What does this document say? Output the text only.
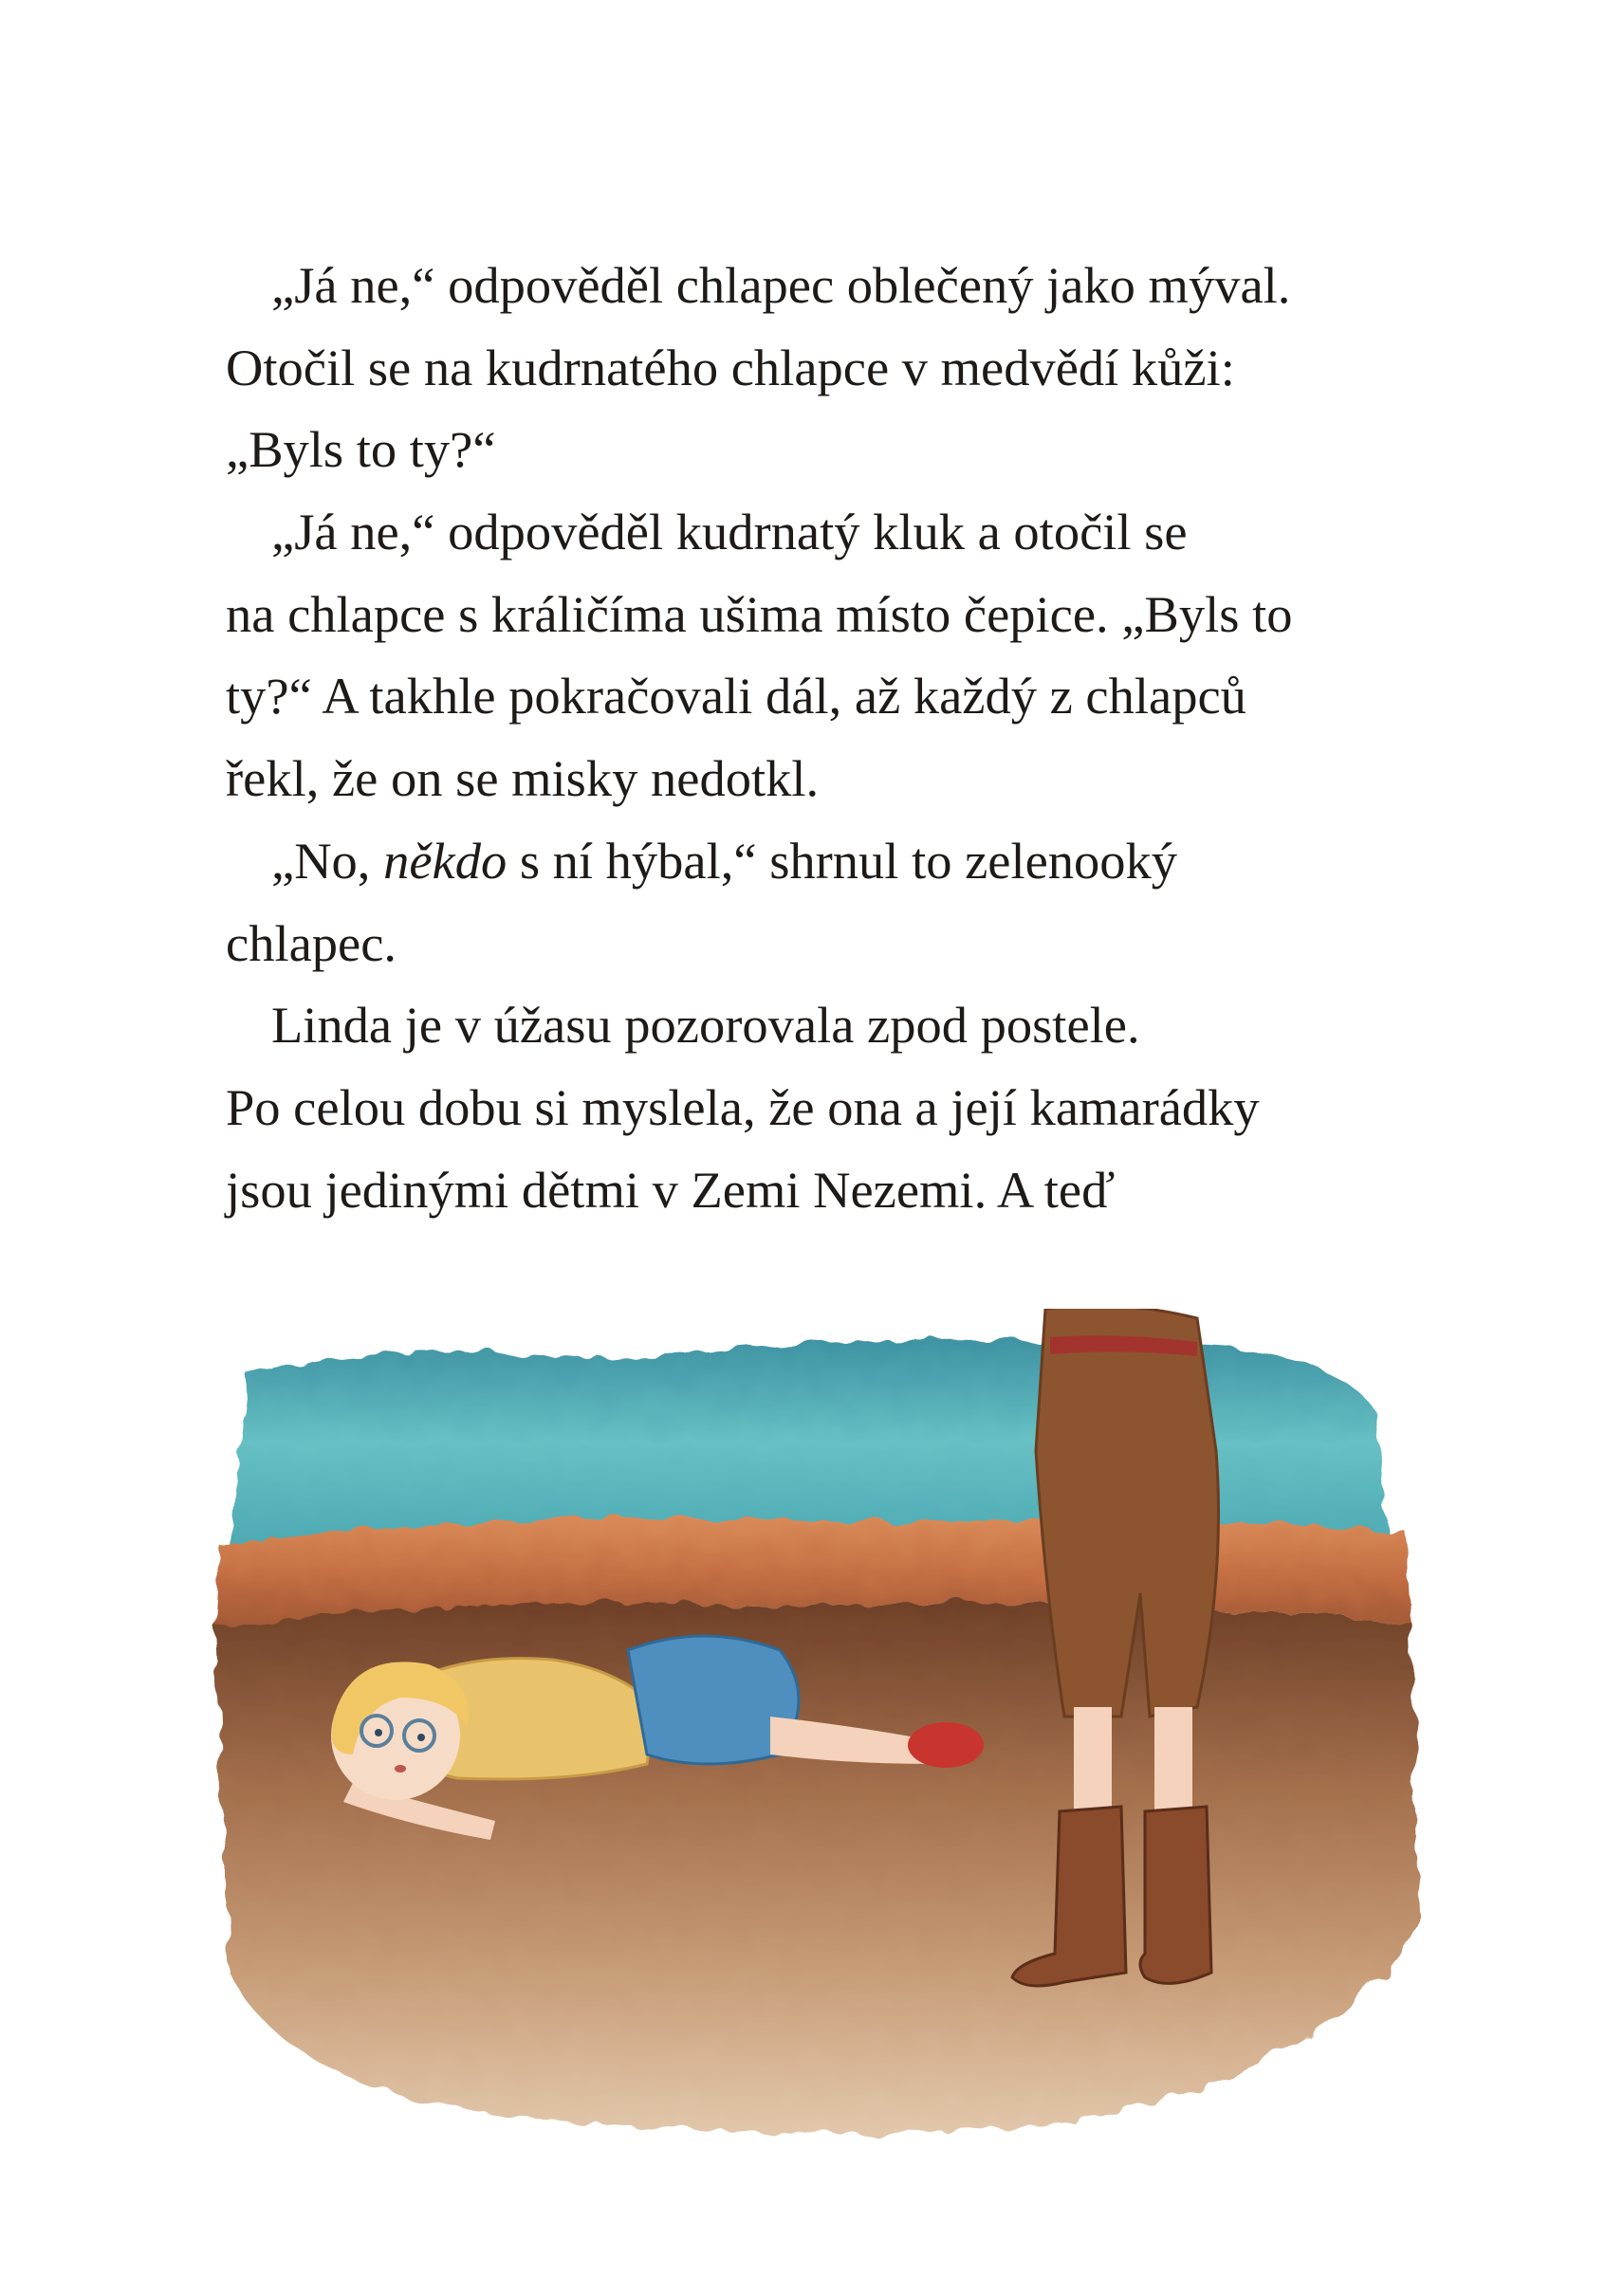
„Já ne,“ odpověděl chlapec oblečený jako mýval.
Otočil se na kudrnatého chlapce v medvědí kůži:
„Byls to ty?“
„Já ne,“ odpověděl kudrnatý kluk a otočil se
na chlapce s králičíma ušima místo čepice. „Byls to
ty?“ A takhle pokračovali dál, až každý z chlapců
řekl, že on se misky nedotkl.
„No, někdo s ní hýbal,“ shrnul to zelenooký
chlapec.
Linda je v úžasu pozorovala zpod postele.
Po celou dobu si myslela, že ona a její kamarádky
jsou jedinými dětmi v Zemi Nezemi. A teď
